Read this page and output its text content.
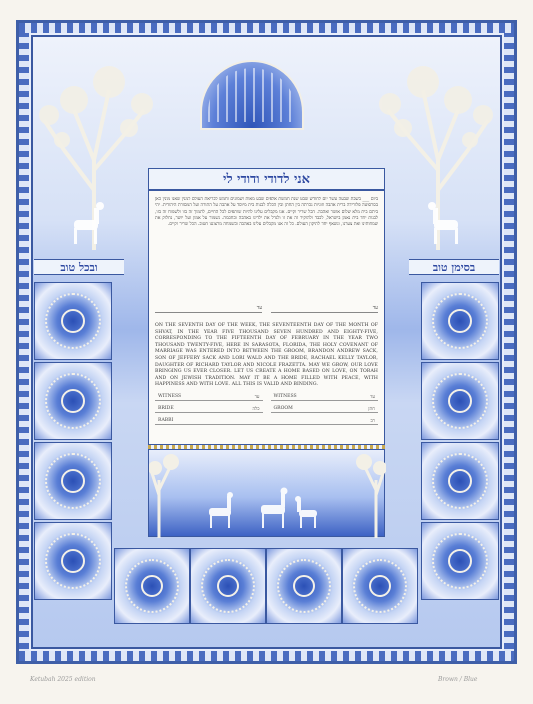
אני לדודי ודודי לי
ובכל טוב	בסימן טוב
ביום ___ בשבת שבעה עשר יום לחודש שבט שנת חמשת אלפים שבע מאות ושמונים וחמש לבריאת העולם למנין שאנו מונין כאן בסרסוטה פלורידה ברית אהבה וזוגיות נכרתה בין החתן ובין הכלה לבנות בית מיוסד על אהבה על התורה ועל המסורת היהודית. יהי ביתם בית מלא שלום אושר ואהבה. הכל שריר וקיים. אנו מקבלים עלינו להיות שותפים לכל החיים, לתמוך זה בזו ולשמוח זה בזו, לבנות יחד בית נאמן בישראל, לכבד ולהוקיר זה את זו ולגדל את ילדינו באהבה ובחכמה. נשמור על אמון ועל יושר, נחלוק את שמחותינו ואת צערנו, ונשאף יחד לתיקון העולם. כל זה אנו מקבלים עלינו באהבה ובשמחה מרצוננו הטוב. הכל שריר וקיים.
עד	עד
ON THE SEVENTH DAY OF THE WEEK, THE SEVENTEENTH DAY OF THE MONTH OF SHVAT, IN THE YEAR FIVE THOUSAND SEVEN HUNDRED AND EIGHTY-FIVE, CORRESPONDING TO THE FIFTEENTH DAY OF FEBRUARY IN THE YEAR TWO THOUSAND TWENTY-FIVE, HERE IN SARASOTA, FLORIDA, THE HOLY COVENANT OF MARRIAGE WAS ENTERED INTO BETWEEN THE GROOM, BRANDON ANDREW SACK, SON OF JEFFERY SACK AND LORI WALD AND THE BRIDE, RACHAEL KELLY TAYLOR, DAUGHTER OF RICHARD TAYLOR AND NICOLE FRAZETTA. MAY WE GROW, OUR LOVE BRINGING US EVER CLOSER. LET US CREATE A HOME BASED ON LOVE, ON TORAH AND ON JEWISH TRADITION. MAY IT BE A HOME FILLED WITH PEACE, WITH HAPPINESS AND WITH LOVE. ALL THIS IS VALID AND BINDING.
WITNESS	עד	WITNESS	עד
BRIDE	כלה	GROOM	חתן
RABBI	רב
Ketubah 2025 edition	Brown / Blue
